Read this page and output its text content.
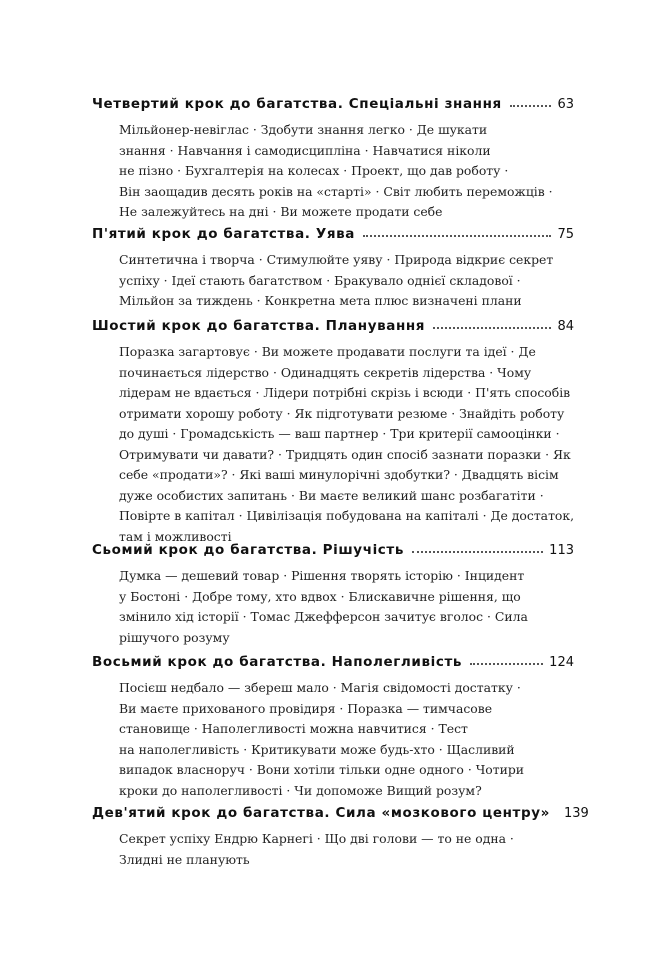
Четвертий крок до багатства. Спеціальні знання	63
Мільйонер-невіглас · Здобути знання легко · Де шукати
знання · Навчання і самодисципліна · Навчатися ніколи
не пізно · Бухгалтерія на колесах · Проект, що дав роботу ·
Він заощадив десять років на «старті» · Світ любить переможців ·
Не залежуйтесь на дні · Ви можете продати себе
П'ятий крок до багатства. Уява	75
Синтетична і творча · Стимулюйте уяву · Природа відкриє секрет
успіху · Ідеї стають багатством · Бракувало однієї складової ·
Мільйон за тиждень · Конкретна мета плюс визначені плани
Шостий крок до багатства. Планування	84
Поразка загартовує · Ви можете продавати послуги та ідеї · Де
починається лідерство · Одинадцять секретів лідерства · Чому
лідерам не вдається · Лідери потрібні скрізь і всюди · П'ять способів
отримати хорошу роботу · Як підготувати резюме · Знайдіть роботу
до душі · Громадськість — ваш партнер · Три критерії самооцінки ·
Отримувати чи давати? · Тридцять один спосіб зазнати поразки · Як
себе «продати»? · Які ваші минулорічні здобутки? · Двадцять вісім
дуже особистих запитань · Ви маєте великий шанс розбагатіти ·
Повірте в капітал · Цивілізація побудована на капіталі · Де достаток,
там і можливості
Сьомий крок до багатства. Рішучість	113
Думка — дешевий товар · Рішення творять історію · Інцидент
у Бостоні · Добре тому, хто вдвох · Блискавичне рішення, що
змінило хід історії · Томас Джефферсон зачитує вголос · Сила
рішучого розуму
Восьмий крок до багатства. Наполегливість	124
Посієш недбало — збереш мало · Магія свідомості достатку ·
Ви маєте прихованого провідиря · Поразка — тимчасове
становище · Наполегливості можна навчитися · Тест
на наполегливість · Критикувати може будь-хто · Щасливий
випадок власноруч · Вони хотіли тільки одне одного · Чотири
кроки до наполегливості · Чи допоможе Вищий розум?
Дев'ятий крок до багатства. Сила «мозкового центру» 139
Секрет успіху Ендрю Карнегі · Що дві голови — то не одна ·
Злидні не планують
